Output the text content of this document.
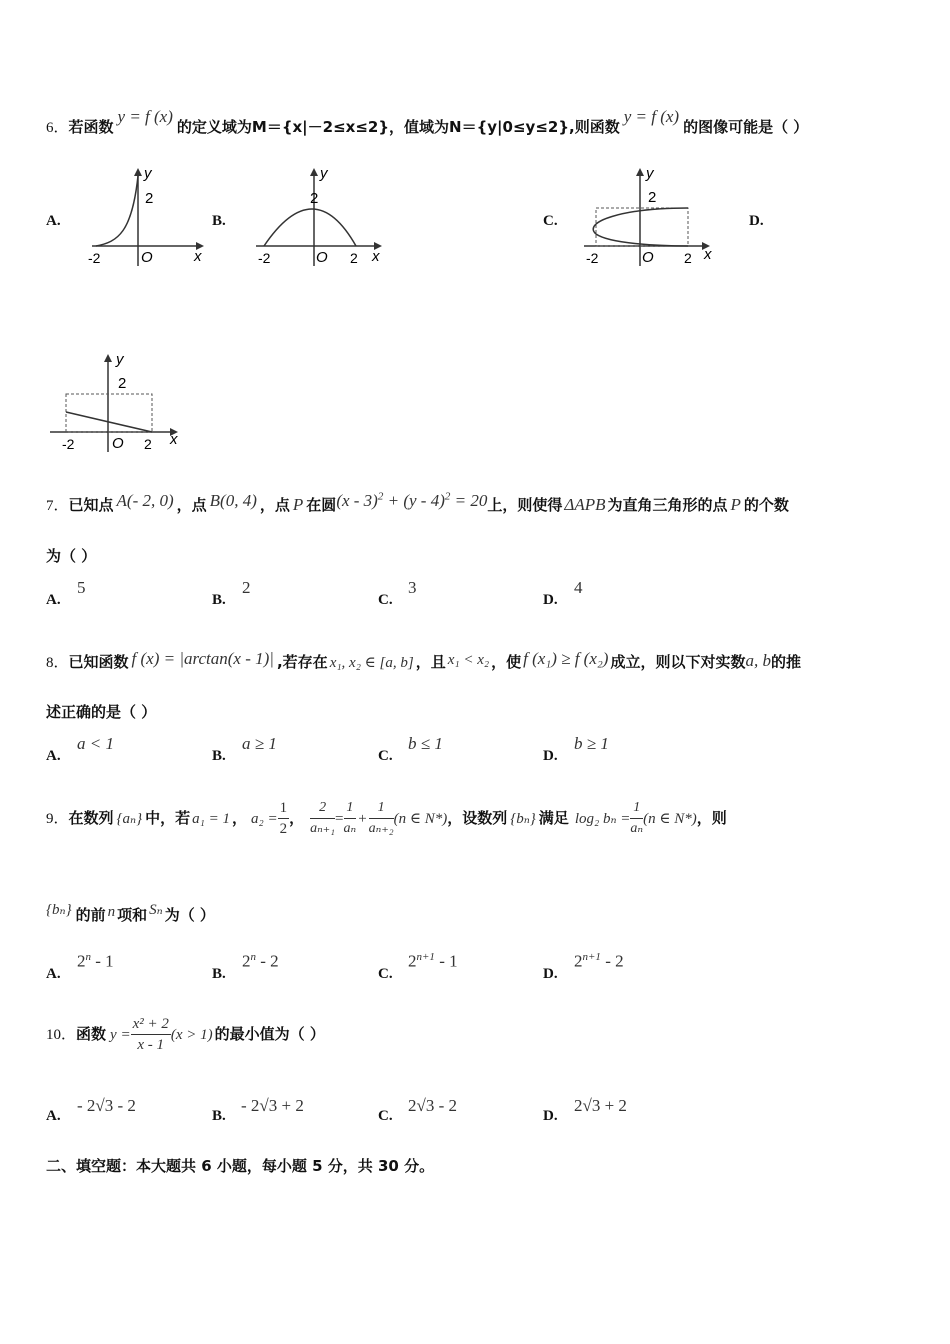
6．若函数y = f (x)的定义域为M＝{x|－2≤x≤2}，值域为N＝{y|0≤y≤2},则函数y = f (x)的图像可能是（ ）
A.
y
2
-2	O	x
B.
y
2
-2	O 2 x
C.
y
2
-2	O 2 x
D.
y
2
-2	O 2 x
7．已知点 A(- 2, 0) ，点 B(0, 4) ，点 P 在圆(x - 3)$^2$ + (y - 4)$^2$ = 20上，则使得 ΔAPB 为直角三角形的点 P 的个数
为（ ）
A.
5
B.
2
C.
3
D.
4
8．已知函数 f (x) = |arctan(x - 1)| ,若存在 x₁, x₂ ∈ [a, b] ，且 x₁ < x₂ ，使 f (x₁) ≥ f (x₂) 成立，则以下对实数a, b的推
述正确的是（ ）
A.
a < 1
B.
a ≥ 1
C.
b ≤ 1
D.
b ≥ 1
9．在数列 {aₙ} 中，若 a₁ = 1 ， $a_2 = \frac{1}{2}$ ， $\frac{2}{\text{aₙ₊₁}} = \frac{1}{\text{aₙ}} + \frac{1}{\text{aₙ₊₂}} (n$ ∈ N*)，设数列 {bₙ} 满足 log₂ $b_n = \frac{1}{\text{aₙ}} (n$ ∈ N*)，则
{bₙ} 的前 n 项和 Sₙ 为（ ）
A.
2$^n$ - 1
B.
2$^n$ - 2
C.
$2^{n+1} - 1$
D.
$2^{n+1} - 2$
10．函数 $y = \frac{\text{x² + 2}}{x - 1} (x > 1)$ 的最小值为（ ）
A.
- 2√3 - 2
B.
- 2√3 + 2
C.
2√3 - 2
D.
2√3 + 2
二、填空题：本大题共 6 小题，每小题 5 分，共 30 分。
